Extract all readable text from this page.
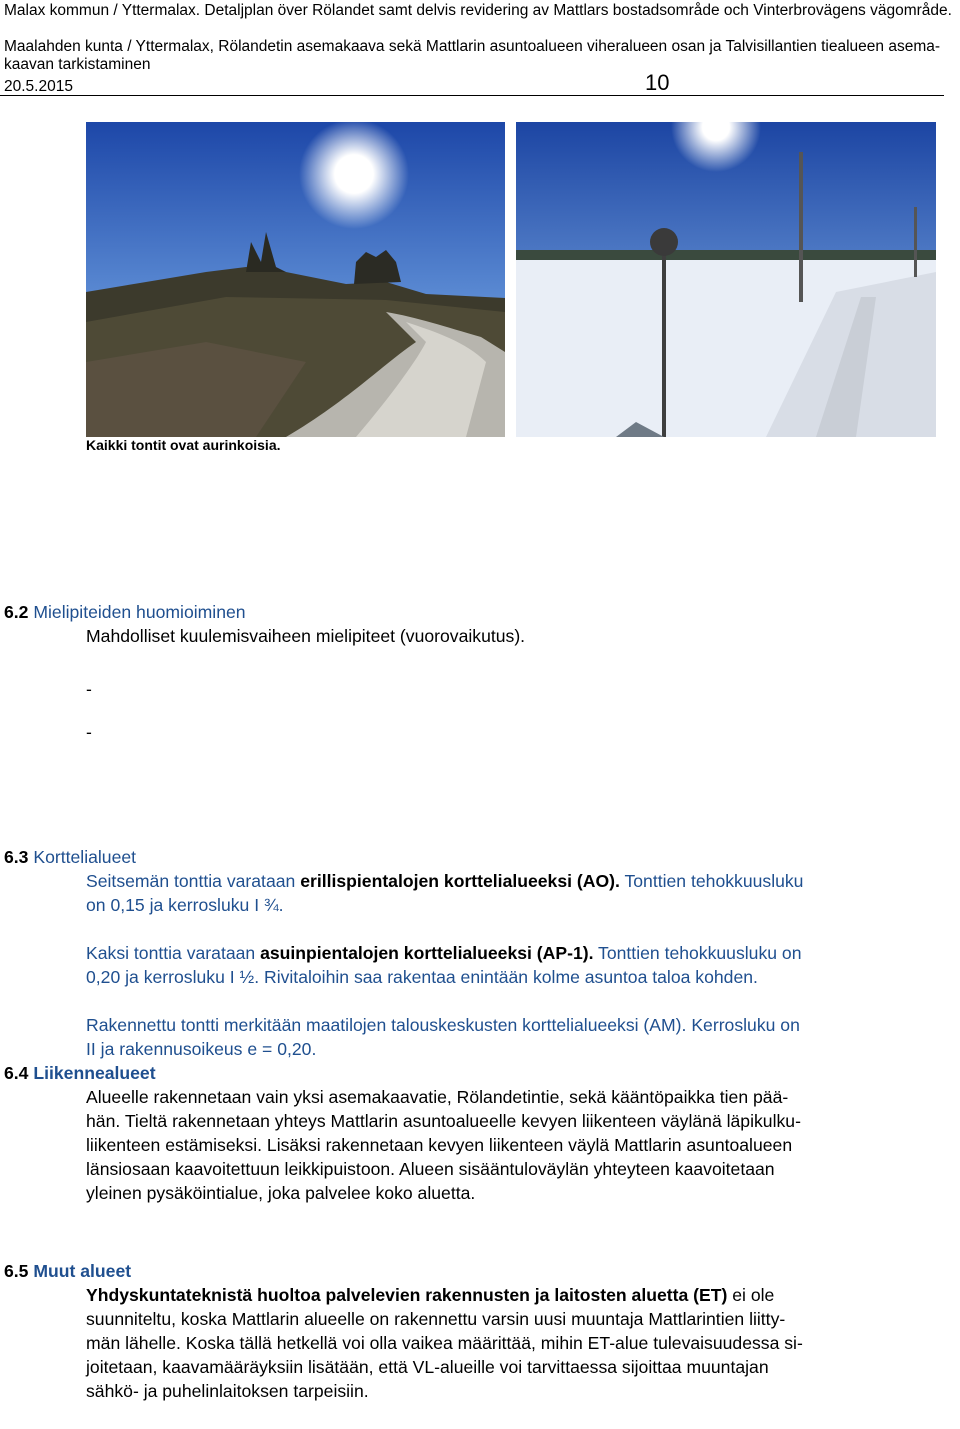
Malax kommun / Yttermalax. Detaljplan över Rölandet samt delvis revidering av Mattlars bostadsområde och Vinterbrovägens vägområde.
Maalahden kunta / Yttermalax, Rölandetin asemakaava sekä Mattlarin asuntoalueen viheralueen osan ja Talvisillantien tiealueen asema-
kaavan tarkistaminen
20.5.2015	10
Kaikki tontit ovat aurinkoisia.
6.2 Mielipiteiden huomioiminen
Mahdolliset kuulemisvaiheen mielipiteet (vuorovaikutus).
-
-
6.3 Korttelialueet
Seitsemän tonttia varataan erillispientalojen korttelialueeksi (AO). Tonttien tehokkuusluku
on 0,15 ja kerrosluku I ¾.
Kaksi tonttia varataan asuinpientalojen korttelialueeksi (AP-1). Tonttien tehokkuusluku on
0,20 ja kerrosluku I ½. Rivitaloihin saa rakentaa enintään kolme asuntoa taloa kohden.
Rakennettu tontti merkitään maatilojen talouskeskusten korttelialueeksi (AM). Kerrosluku on
II ja rakennusoikeus e = 0,20.
6.4 Liikennealueet
Alueelle rakennetaan vain yksi asemakaavatie, Rölandetintie, sekä kääntöpaikka tien pää-
hän. Tieltä rakennetaan yhteys Mattlarin asuntoalueelle kevyen liikenteen väylänä läpikulku-
liikenteen estämiseksi. Lisäksi rakennetaan kevyen liikenteen väylä Mattlarin asuntoalueen
länsiosaan kaavoitettuun leikkipuistoon. Alueen sisääntuloväylän yhteyteen kaavoitetaan
yleinen pysäköintialue, joka palvelee koko aluetta.
6.5 Muut alueet
Yhdyskuntateknistä huoltoa palvelevien rakennusten ja laitosten aluetta (ET) ei ole
suunniteltu, koska Mattlarin alueelle on rakennettu varsin uusi muuntaja Mattlarintien liitty-
män lähelle. Koska tällä hetkellä voi olla vaikea määrittää, mihin ET-alue tulevaisuudessa si-
joitetaan, kaavamääräyksiin lisätään, että VL-alueille voi tarvittaessa sijoittaa muuntajan
sähkö- ja puhelinlaitoksen tarpeisiin.
